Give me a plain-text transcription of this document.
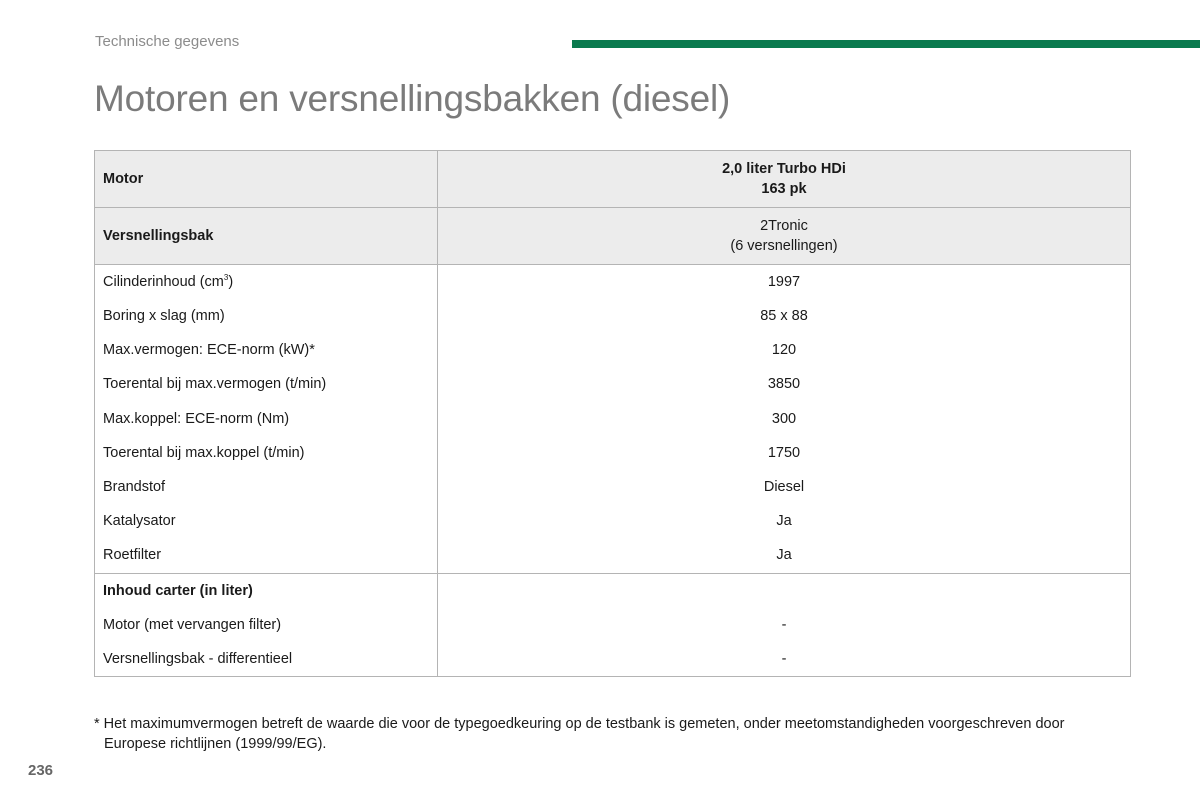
Technische gegevens
Motoren en versnellingsbakken (diesel)
Motor	2,0 liter Turbo HDi
163 pk
Versnellingsbak	2Tronic
(6 versnellingen)
Cilinderinhoud $(cm^3)$	1997
Boring x slag (mm)	85 x 88
Max.vermogen: ECE-norm (kW)*	120
Toerental bij max.vermogen (t/min)	3850
Max.koppel: ECE-norm (Nm)	300
Toerental bij max.koppel (t/min)	1750
Brandstof	Diesel
Katalysator	Ja
Roetfilter	Ja
Inhoud carter (in liter)	
Motor (met vervangen filter)	-
Versnellingsbak - differentieel	-
* Het maximumvermogen betreft de waarde die voor de typegoedkeuring op de testbank is gemeten, onder meetomstandigheden voorgeschreven door
Europese richtlijnen (1999/99/EG).
236
